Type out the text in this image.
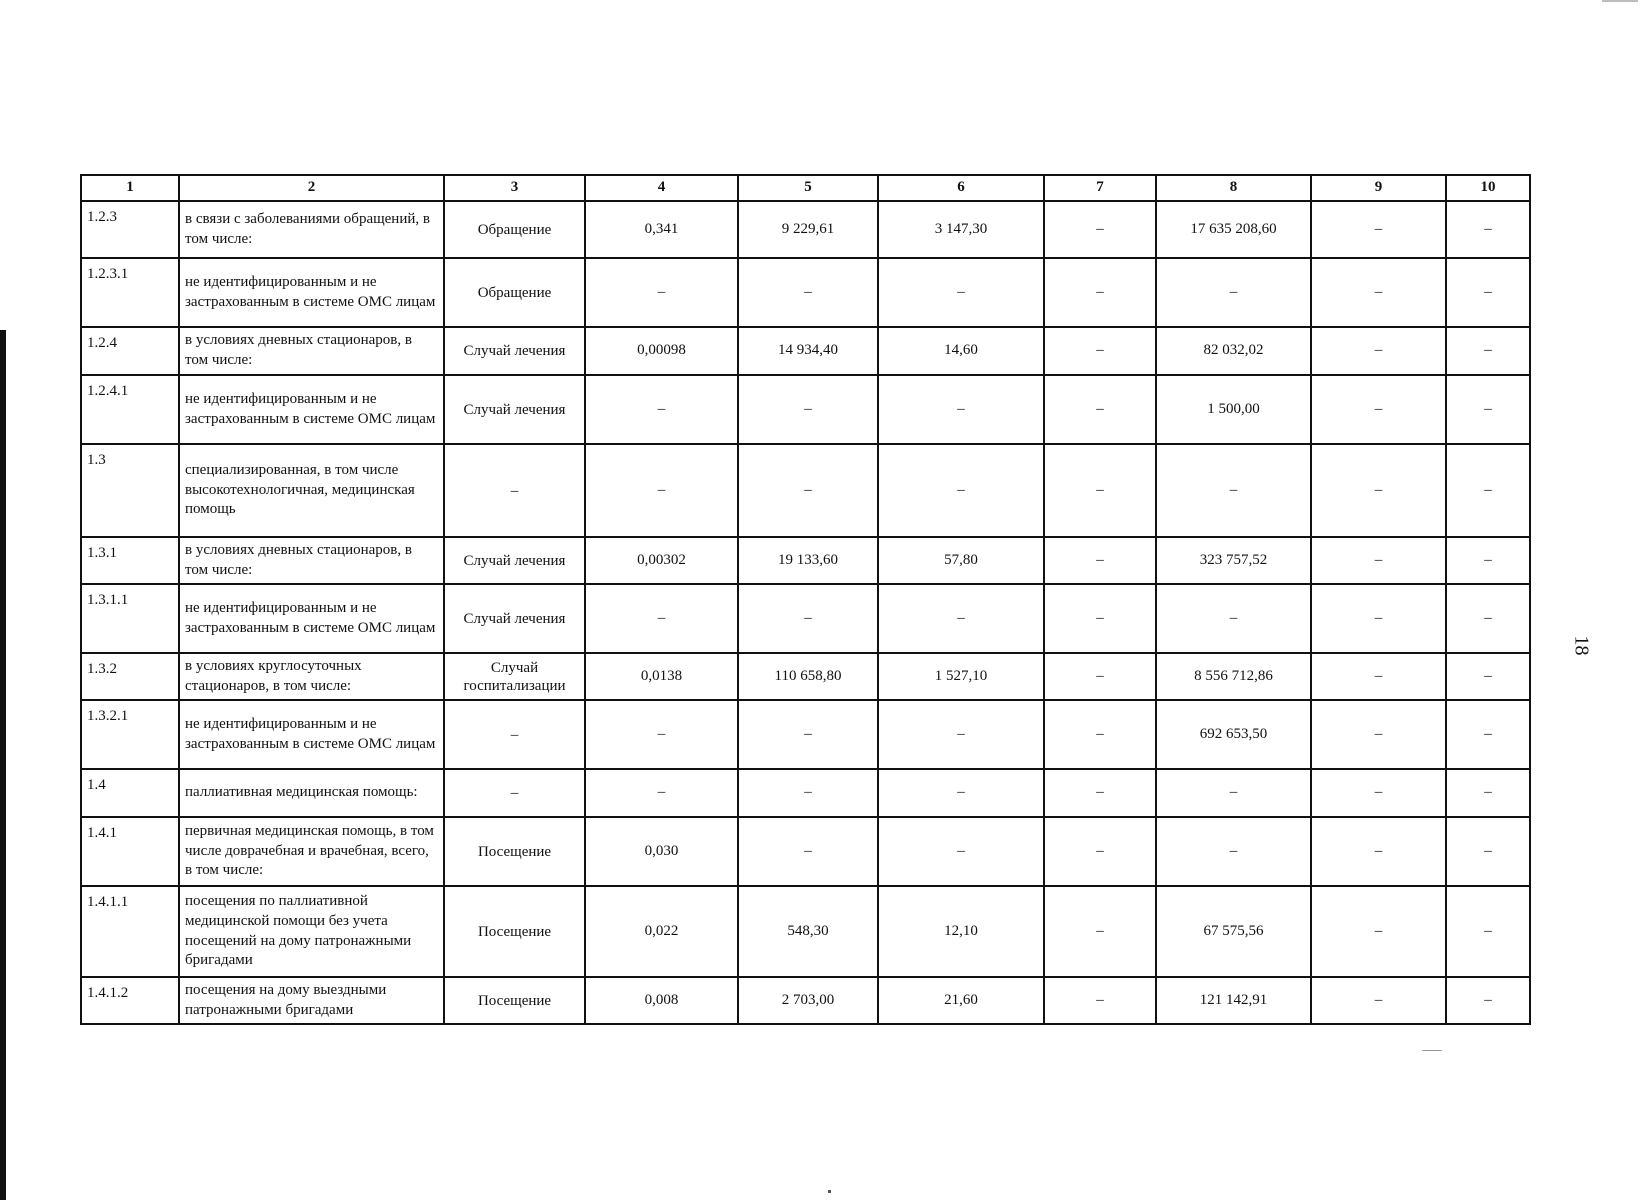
18
1	2	3	4	5	6	7	8	9	10
1.2.3	в связи с заболеваниями обращений, в том числе:	Обращение	0,341	9 229,61	3 147,30	–	17 635 208,60	–	–
1.2.3.1	не идентифицированным и не застрахованным в системе ОМС лицам	Обращение	–	–	–	–	–	–	–
1.2.4	в условиях дневных стационаров, в том числе:	Случай лечения	0,00098	14 934,40	14,60	–	82 032,02	–	–
1.2.4.1	не идентифицированным и не застрахованным в системе ОМС лицам	Случай лечения	–	–	–	–	1 500,00	–	–
1.3	специализированная, в том числе высокотехнологичная, медицинская помощь	–	–	–	–	–	–	–	–
1.3.1	в условиях дневных стационаров, в том числе:	Случай лечения	0,00302	19 133,60	57,80	–	323 757,52	–	–
1.3.1.1	не идентифицированным и не застрахованным в системе ОМС лицам	Случай лечения	–	–	–	–	–	–	–
1.3.2	в условиях круглосуточных стационаров, в том числе:	Случай госпитализации	0,0138	110 658,80	1 527,10	–	8 556 712,86	–	–
1.3.2.1	не идентифицированным и не застрахованным в системе ОМС лицам	–	–	–	–	–	692 653,50	–	–
1.4	паллиативная медицинская помощь:	–	–	–	–	–	–	–	–
1.4.1	первичная медицинская помощь, в том числе доврачебная и врачебная, всего, в том числе:	Посещение	0,030	–	–	–	–	–	–
1.4.1.1	посещения по паллиативной медицинской помощи без учета посещений на дому патронажными бригадами	Посещение	0,022	548,30	12,10	–	67 575,56	–	–
1.4.1.2	посещения на дому выездными патронажными бригадами	Посещение	0,008	2 703,00	21,60	–	121 142,91	–	–
